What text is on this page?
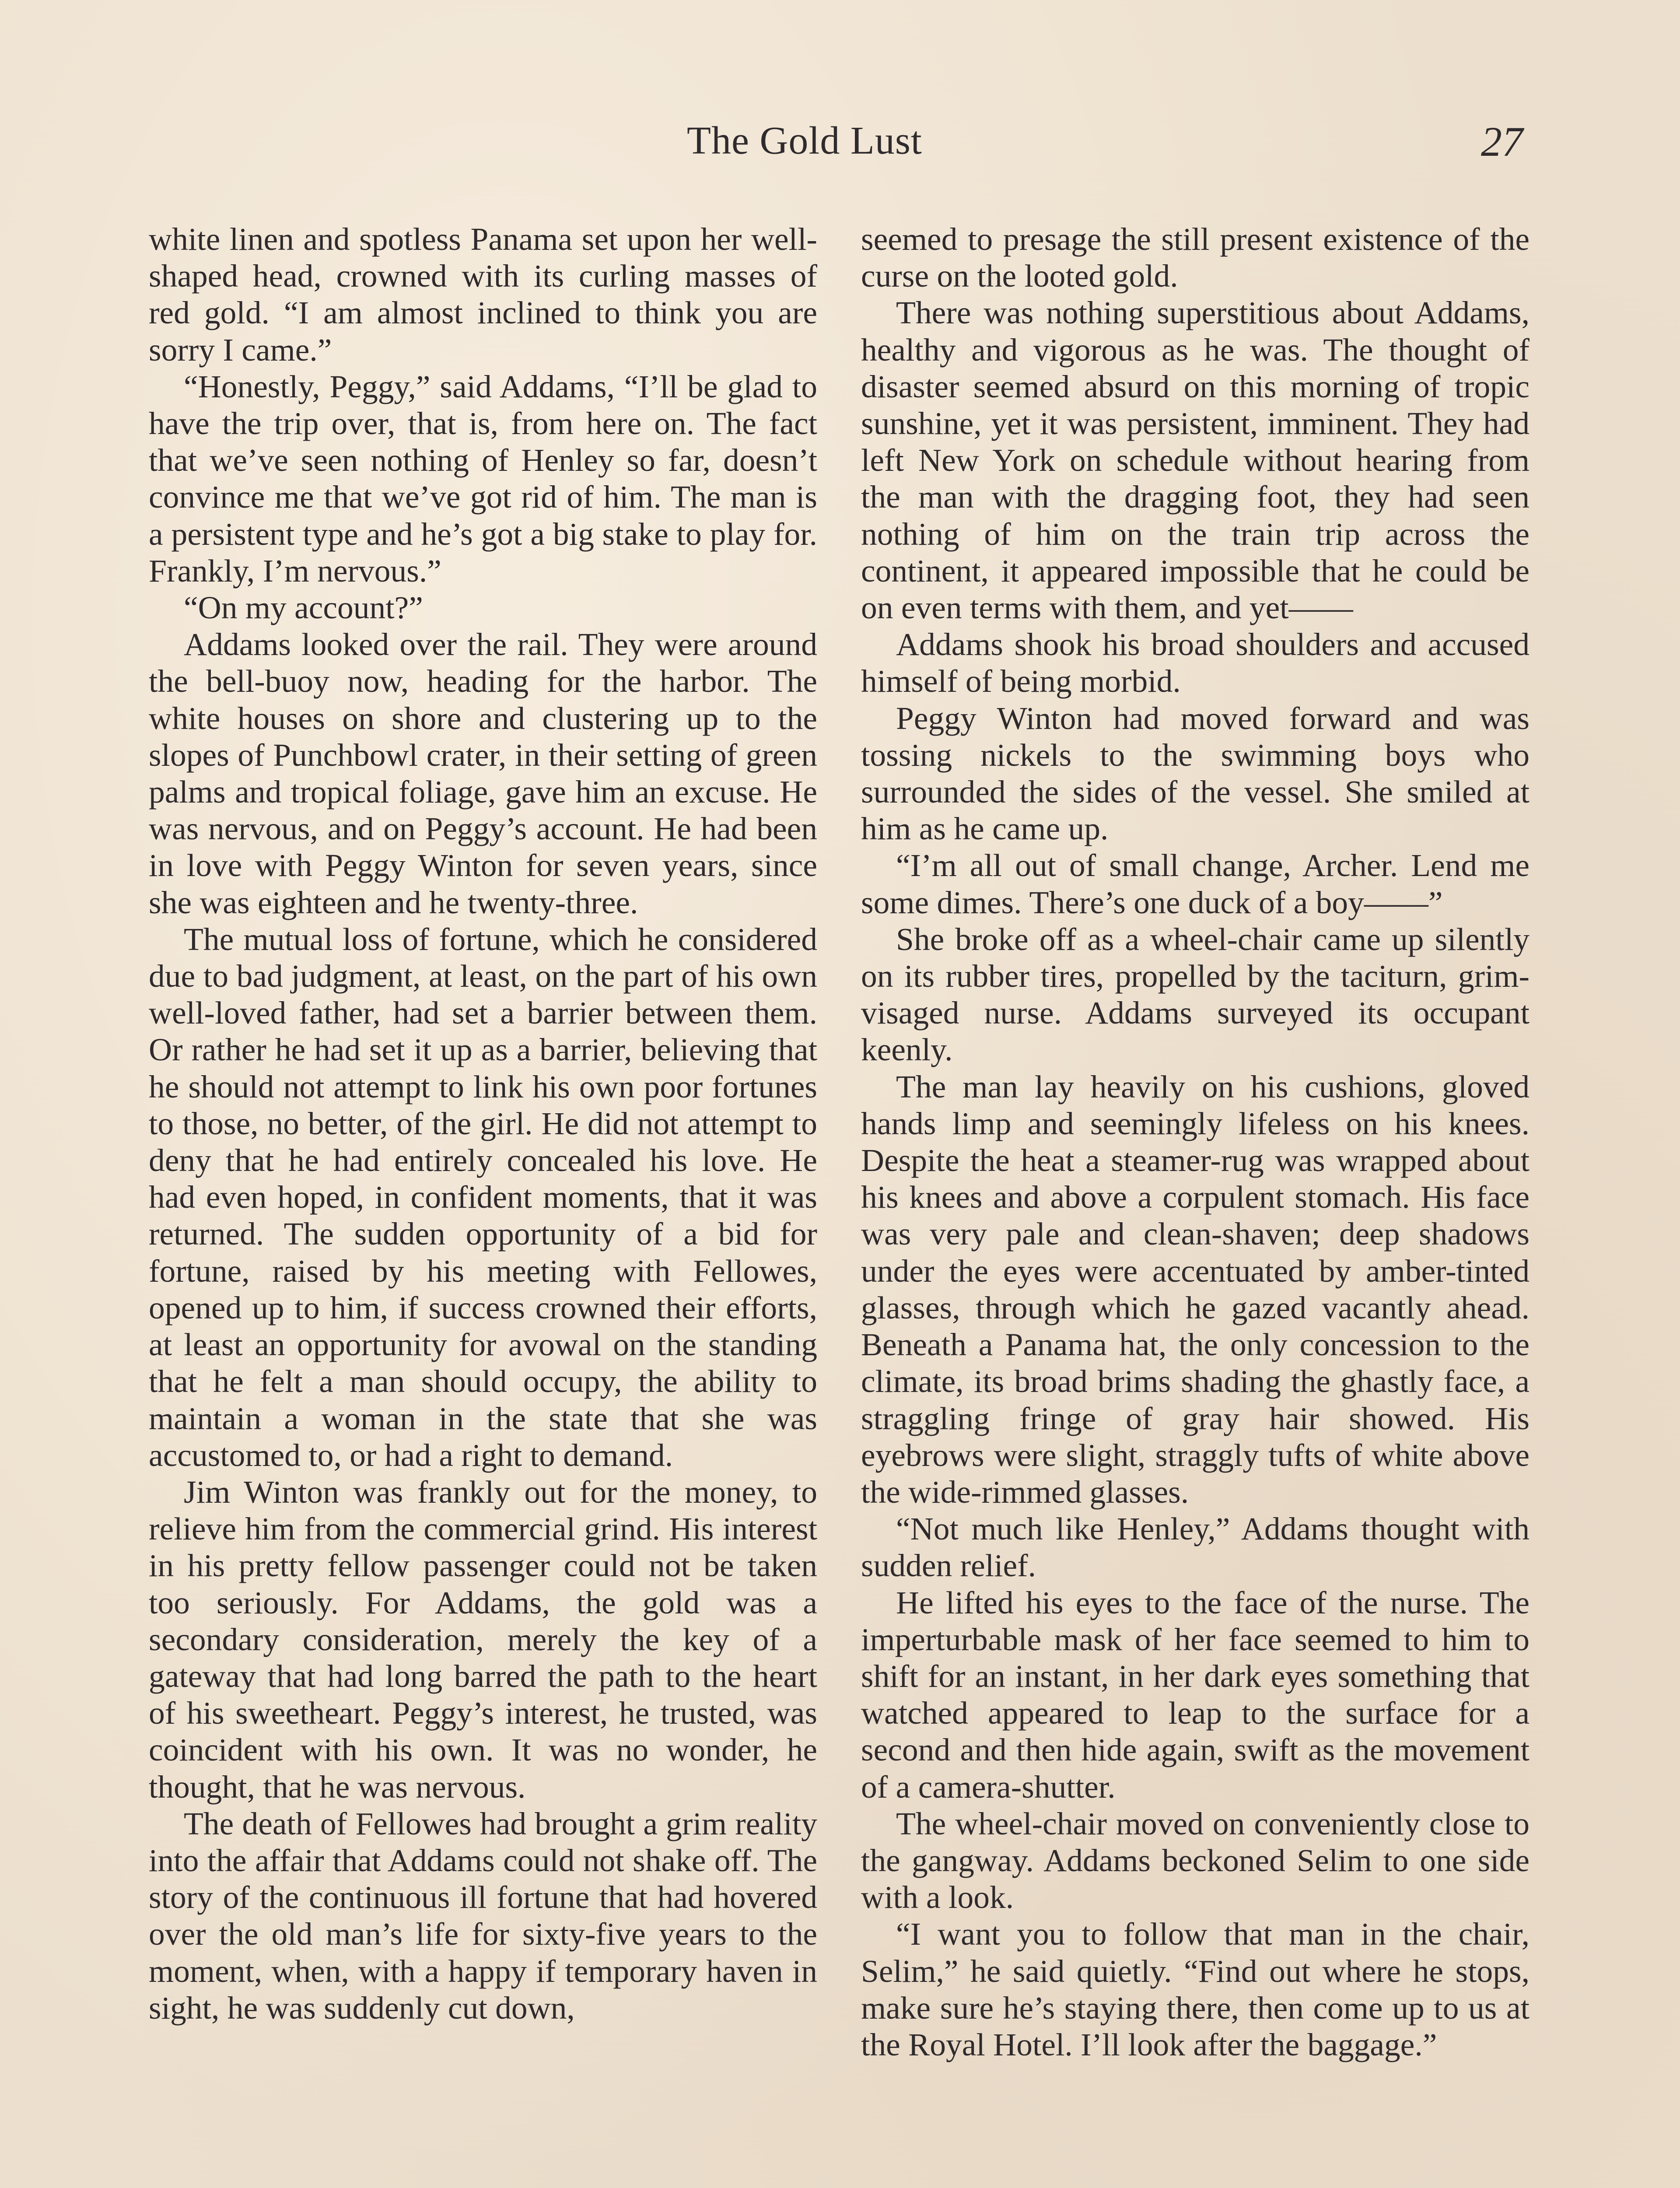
The Gold Lust	27

white linen and spotless Panama set upon her well-shaped head, crowned with its curling masses of red gold. “I am almost inclined to think you are sorry I came.”

“Honestly, Peggy,” said Addams, “I’ll be glad to have the trip over, that is, from here on. The fact that we’ve seen nothing of Henley so far, doesn’t convince me that we’ve got rid of him. The man is a persistent type and he’s got a big stake to play for. Frankly, I’m nervous.”

“On my account?”

Addams looked over the rail. They were around the bell-buoy now, heading for the harbor. The white houses on shore and clustering up to the slopes of Punchbowl crater, in their setting of green palms and tropical foliage, gave him an excuse. He was nervous, and on Peggy’s account. He had been in love with Peggy Winton for seven years, since she was eighteen and he twenty-three.

The mutual loss of fortune, which he considered due to bad judgment, at least, on the part of his own well-loved father, had set a barrier between them. Or rather he had set it up as a barrier, believing that he should not attempt to link his own poor fortunes to those, no better, of the girl. He did not attempt to deny that he had entirely concealed his love. He had even hoped, in confident moments, that it was returned. The sudden opportunity of a bid for fortune, raised by his meeting with Fellowes, opened up to him, if success crowned their efforts, at least an opportunity for avowal on the standing that he felt a man should occupy, the ability to maintain a woman in the state that she was accustomed to, or had a right to demand.

Jim Winton was frankly out for the money, to relieve him from the commercial grind. His interest in his pretty fellow passenger could not be taken too seriously. For Addams, the gold was a secondary consideration, merely the key of a gateway that had long barred the path to the heart of his sweetheart. Peggy’s interest, he trusted, was coincident with his own. It was no wonder, he thought, that he was nervous.

The death of Fellowes had brought a grim reality into the affair that Addams could not shake off. The story of the continuous ill fortune that had hovered over the old man’s life for sixty-five years to the moment, when, with a happy if temporary haven in sight, he was suddenly cut down,

seemed to presage the still present existence of the curse on the looted gold.

There was nothing superstitious about Addams, healthy and vigorous as he was. The thought of disaster seemed absurd on this morning of tropic sunshine, yet it was persistent, imminent. They had left New York on schedule without hearing from the man with the dragging foot, they had seen nothing of him on the train trip across the continent, it appeared impossible that he could be on even terms with them, and yet——

Addams shook his broad shoulders and accused himself of being morbid.

Peggy Winton had moved forward and was tossing nickels to the swimming boys who surrounded the sides of the vessel. She smiled at him as he came up.

“I’m all out of small change, Archer. Lend me some dimes. There’s one duck of a boy——”

She broke off as a wheel-chair came up silently on its rubber tires, propelled by the taciturn, grim-visaged nurse. Addams surveyed its occupant keenly.

The man lay heavily on his cushions, gloved hands limp and seemingly lifeless on his knees. Despite the heat a steamer-rug was wrapped about his knees and above a corpulent stomach. His face was very pale and clean-shaven; deep shadows under the eyes were accentuated by amber-tinted glasses, through which he gazed vacantly ahead. Beneath a Panama hat, the only concession to the climate, its broad brims shading the ghastly face, a straggling fringe of gray hair showed. His eyebrows were slight, straggly tufts of white above the wide-rimmed glasses.

“Not much like Henley,” Addams thought with sudden relief.

He lifted his eyes to the face of the nurse. The imperturbable mask of her face seemed to him to shift for an instant, in her dark eyes something that watched appeared to leap to the surface for a second and then hide again, swift as the movement of a camera-shutter.

The wheel-chair moved on conveniently close to the gangway. Addams beckoned Selim to one side with a look.

“I want you to follow that man in the chair, Selim,” he said quietly. “Find out where he stops, make sure he’s staying there, then come up to us at the Royal Hotel. I’ll look after the baggage.”
